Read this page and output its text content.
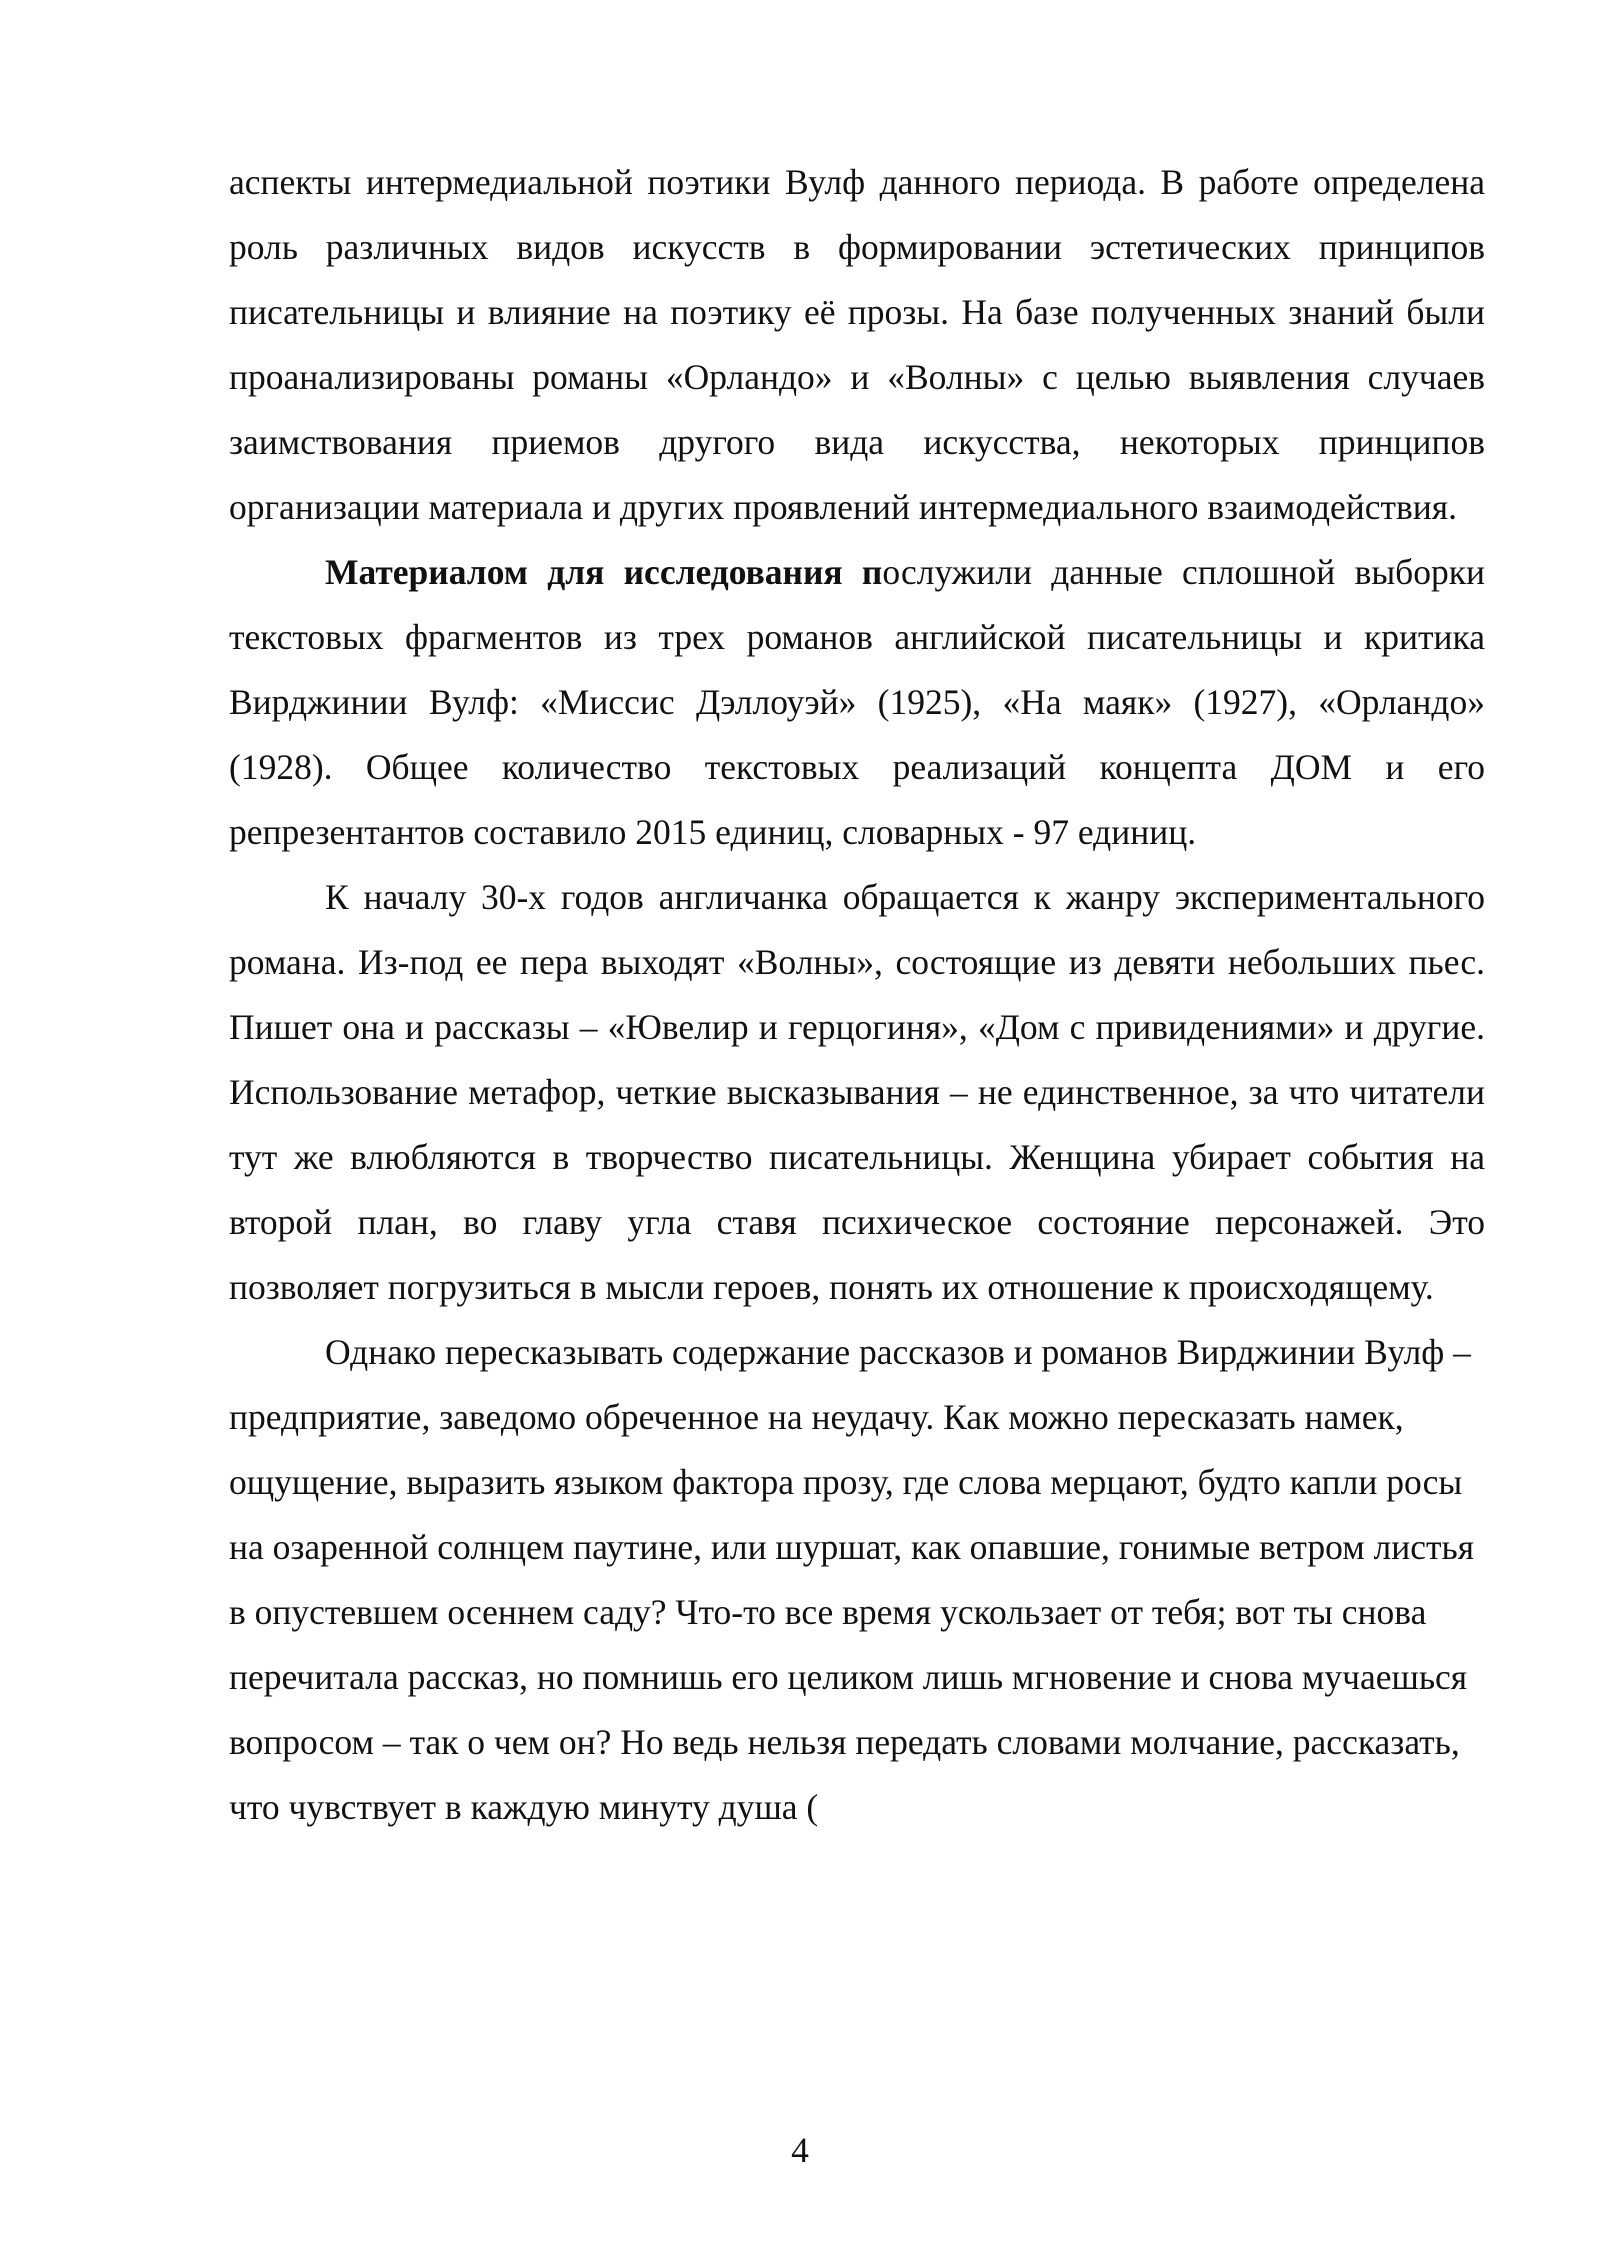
аспекты интермедиальной поэтики Вулф данного периода. В работе определена роль различных видов искусств в формировании эстетических принципов писательницы и влияние на поэтику её прозы. На базе полученных знаний были проанализированы романы «Орландо» и «Волны» с целью выявления случаев заимствования приемов другого вида искусства, некоторых принципов организации материала и других проявлений интермедиального взаимодействия.

Материалом для исследования послужили данные сплошной выборки текстовых фрагментов из трех романов английской писательницы и критика Вирджинии Вулф: «Миссис Дэллоуэй» (1925), «На маяк» (1927), «Орландо» (1928). Общее количество текстовых реализаций концепта ДОМ и его репрезентантов составило 2015 единиц, словарных - 97 единиц.

К началу 30-х годов англичанка обращается к жанру экспериментального романа. Из-под ее пера выходят «Волны», состоящие из девяти небольших пьес. Пишет она и рассказы – «Ювелир и герцогиня», «Дом с привидениями» и другие. Использование метафор, четкие высказывания – не единственное, за что читатели тут же влюбляются в творчество писательницы. Женщина убирает события на второй план, во главу угла ставя психическое состояние персонажей. Это позволяет погрузиться в мысли героев, понять их отношение к происходящему.

Однако пересказывать содержание рассказов и романов Вирджинии Вулф – предприятие, заведомо обреченное на неудачу. Как можно пересказать намек, ощущение, выразить языком фактора прозу, где слова мерцают, будто капли росы на озаренной солнцем паутине, или шуршат, как опавшие, гонимые ветром листья в опустевшем осеннем саду? Что-то все время ускользает от тебя; вот ты снова перечитала рассказ, но помнишь его целиком лишь мгновение и снова мучаешься вопросом – так о чем он? Но ведь нельзя передать словами молчание, рассказать, что чувствует в каждую минуту душа (

4
